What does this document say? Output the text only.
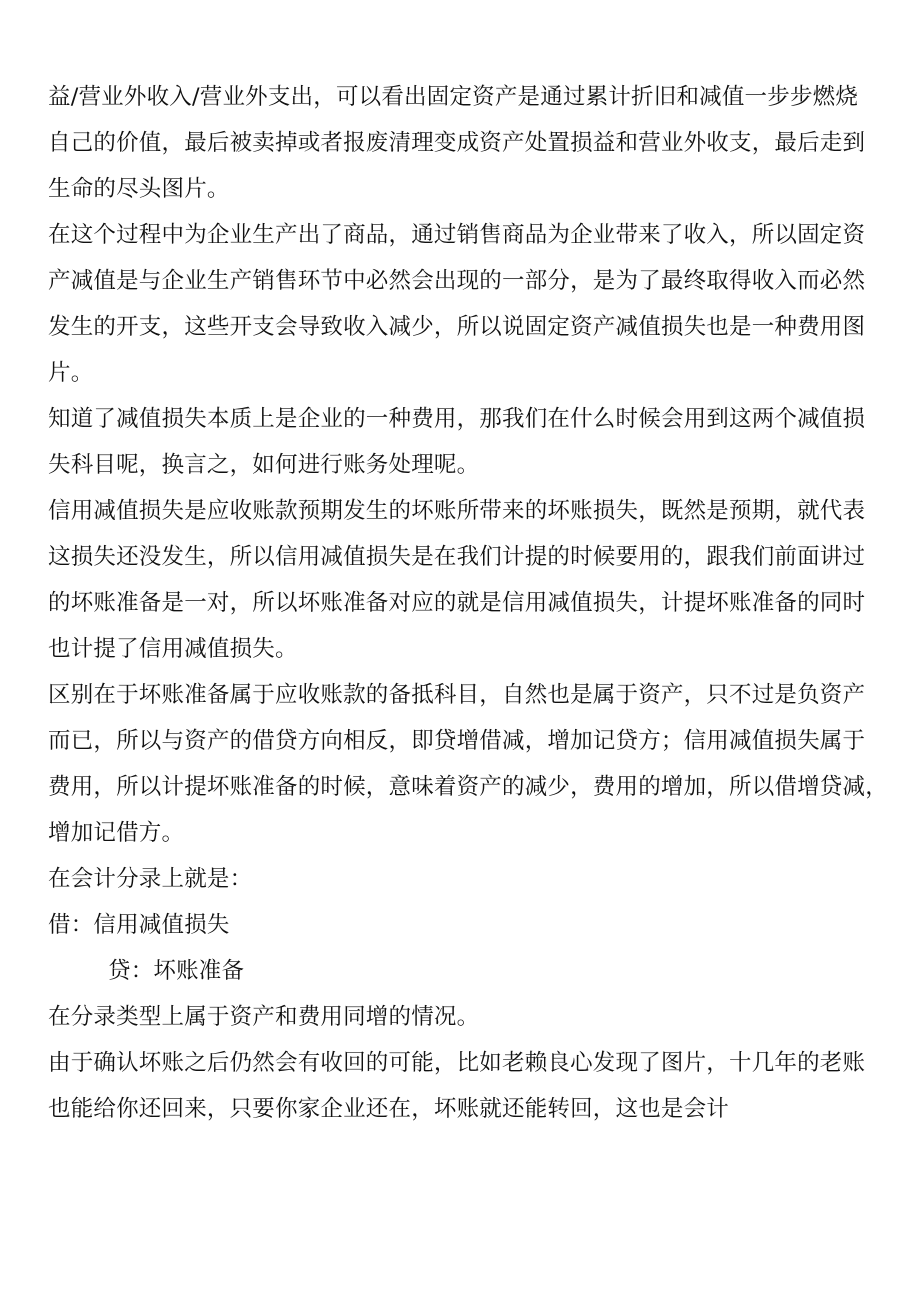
益/营业外收入/营业外支出，可以看出固定资产是通过累计折旧和减值一步步燃烧
自己的价值，最后被卖掉或者报废清理变成资产处置损益和营业外收支，最后走到
生命的尽头图片。

在这个过程中为企业生产出了商品，通过销售商品为企业带来了收入，所以固定资
产减值是与企业生产销售环节中必然会出现的一部分，是为了最终取得收入而必然
发生的开支，这些开支会导致收入减少，所以说固定资产减值损失也是一种费用图
片。

知道了减值损失本质上是企业的一种费用，那我们在什么时候会用到这两个减值损
失科目呢，换言之，如何进行账务处理呢。

信用减值损失是应收账款预期发生的坏账所带来的坏账损失，既然是预期，就代表
这损失还没发生，所以信用减值损失是在我们计提的时候要用的，跟我们前面讲过
的坏账准备是一对，所以坏账准备对应的就是信用减值损失，计提坏账准备的同时
也计提了信用减值损失。

区别在于坏账准备属于应收账款的备抵科目，自然也是属于资产，只不过是负资产
而已，所以与资产的借贷方向相反，即贷增借减，增加记贷方；信用减值损失属于
费用，所以计提坏账准备的时候，意味着资产的减少，费用的增加，所以借增贷减，
增加记借方。

在会计分录上就是：

借：信用减值损失

贷：坏账准备

在分录类型上属于资产和费用同增的情况。

由于确认坏账之后仍然会有收回的可能，比如老赖良心发现了图片，十几年的老账
也能给你还回来，只要你家企业还在，坏账就还能转回，这也是会计
